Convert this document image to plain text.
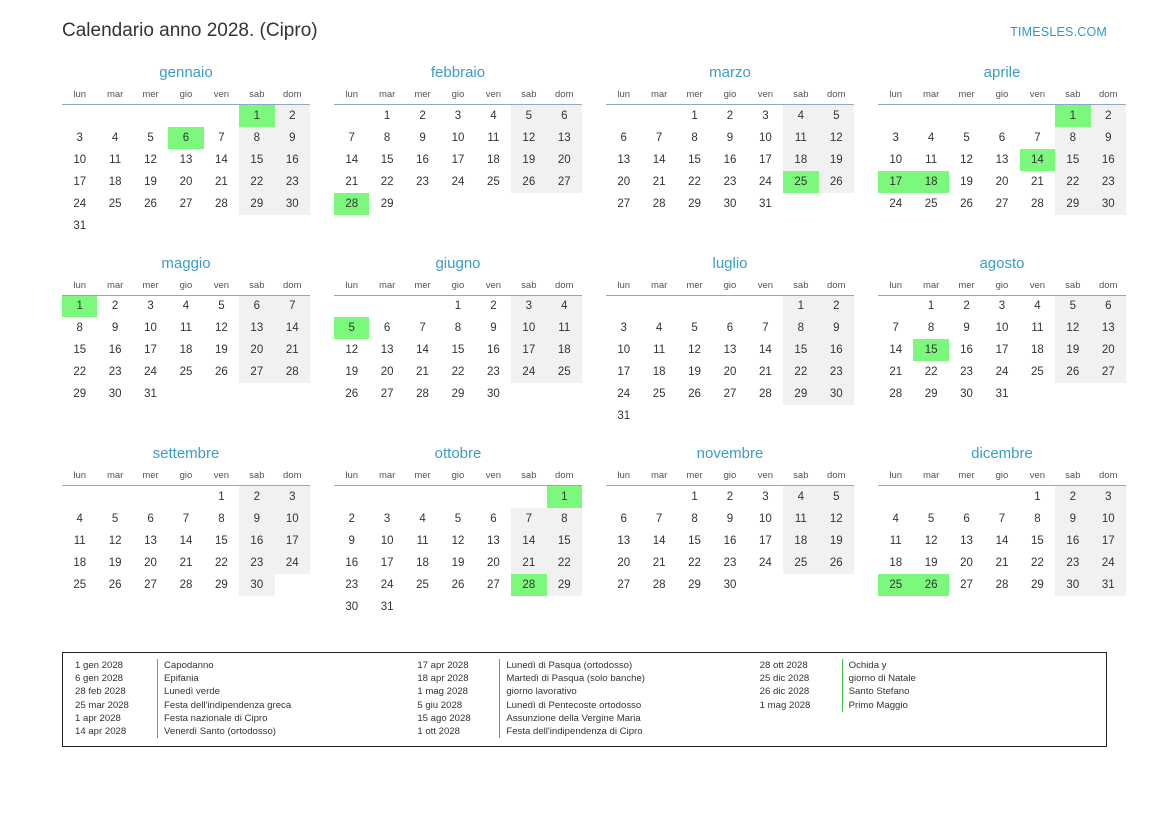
Calendario anno 2028. (Cipro)	TIMESLES.COM
gennaio
lun	mar	mer	gio	ven	sab	dom
					1	2
3	4	5	6	7	8	9
10	11	12	13	14	15	16
17	18	19	20	21	22	23
24	25	26	27	28	29	30
31						
febbraio
lun	mar	mer	gio	ven	sab	dom
	1	2	3	4	5	6
7	8	9	10	11	12	13
14	15	16	17	18	19	20
21	22	23	24	25	26	27
28	29					
marzo
lun	mar	mer	gio	ven	sab	dom
		1	2	3	4	5
6	7	8	9	10	11	12
13	14	15	16	17	18	19
20	21	22	23	24	25	26
27	28	29	30	31		
aprile
lun	mar	mer	gio	ven	sab	dom
					1	2
3	4	5	6	7	8	9
10	11	12	13	14	15	16
17	18	19	20	21	22	23
24	25	26	27	28	29	30
maggio
lun	mar	mer	gio	ven	sab	dom
1	2	3	4	5	6	7
8	9	10	11	12	13	14
15	16	17	18	19	20	21
22	23	24	25	26	27	28
29	30	31				
giugno
lun	mar	mer	gio	ven	sab	dom
			1	2	3	4
5	6	7	8	9	10	11
12	13	14	15	16	17	18
19	20	21	22	23	24	25
26	27	28	29	30		
luglio
lun	mar	mer	gio	ven	sab	dom
					1	2
3	4	5	6	7	8	9
10	11	12	13	14	15	16
17	18	19	20	21	22	23
24	25	26	27	28	29	30
31						
agosto
lun	mar	mer	gio	ven	sab	dom
	1	2	3	4	5	6
7	8	9	10	11	12	13
14	15	16	17	18	19	20
21	22	23	24	25	26	27
28	29	30	31			
settembre
lun	mar	mer	gio	ven	sab	dom
				1	2	3
4	5	6	7	8	9	10
11	12	13	14	15	16	17
18	19	20	21	22	23	24
25	26	27	28	29	30	
ottobre
lun	mar	mer	gio	ven	sab	dom
						1
2	3	4	5	6	7	8
9	10	11	12	13	14	15
16	17	18	19	20	21	22
23	24	25	26	27	28	29
30	31					
novembre
lun	mar	mer	gio	ven	sab	dom
		1	2	3	4	5
6	7	8	9	10	11	12
13	14	15	16	17	18	19
20	21	22	23	24	25	26
27	28	29	30			
dicembre
lun	mar	mer	gio	ven	sab	dom
				1	2	3
4	5	6	7	8	9	10
11	12	13	14	15	16	17
18	19	20	21	22	23	24
25	26	27	28	29	30	31
1 gen 2028	Capodanno
6 gen 2028	Epifania
28 feb 2028	Lunedì verde
25 mar 2028	Festa dell'indipendenza greca
1 apr 2028	Festa nazionale di Cipro
14 apr 2028	Venerdì Santo (ortodosso)
17 apr 2028	Lunedì di Pasqua (ortodosso)
18 apr 2028	Martedì di Pasqua (solo banche)
1 mag 2028	giorno lavorativo
5 giu 2028	Lunedì di Pentecoste ortodosso
15 ago 2028	Assunzione della Vergine Maria
1 ott 2028	Festa dell'indipendenza di Cipro
28 ott 2028	Ochida y
25 dic 2028	giorno di Natale
26 dic 2028	Santo Stefano
1 mag 2028	Primo Maggio
